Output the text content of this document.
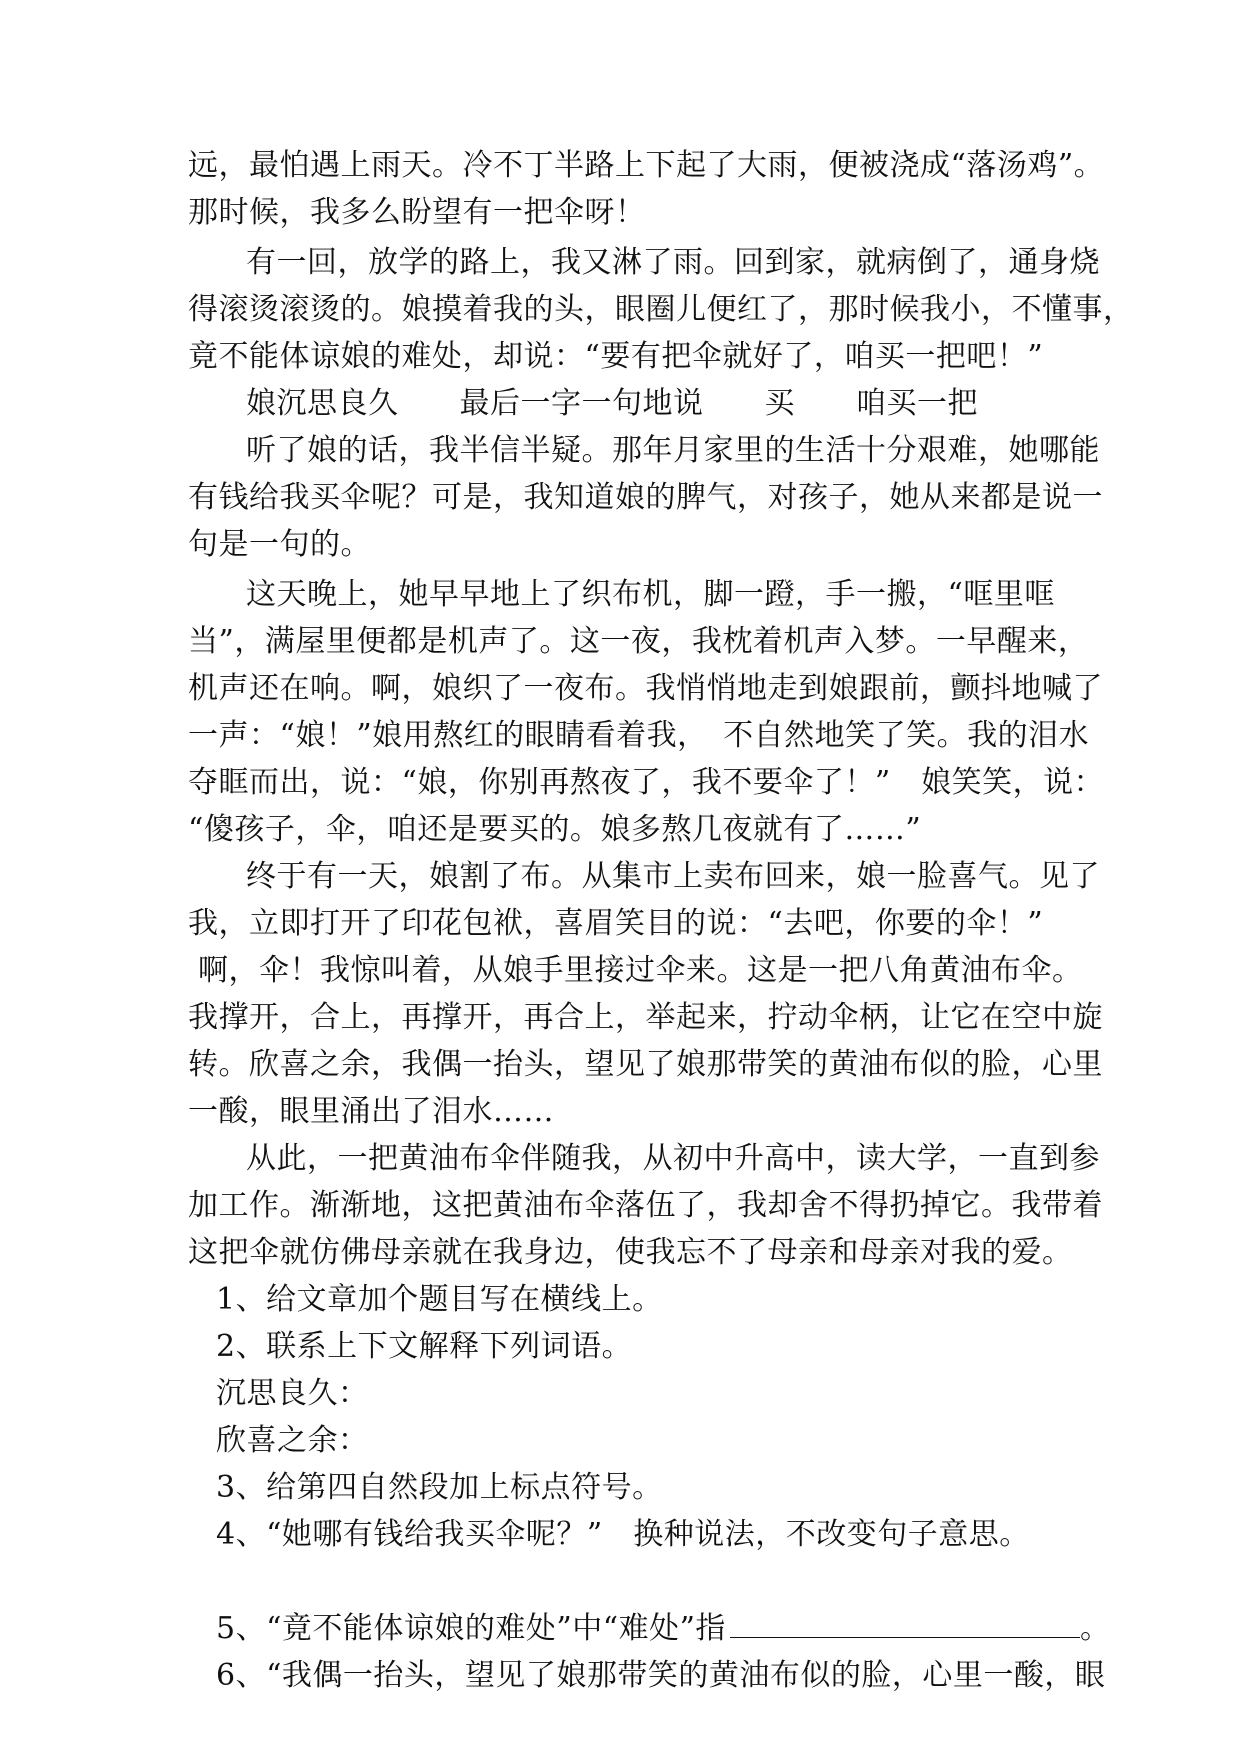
远，最怕遇上雨天。冷不丁半路上下起了大雨，便被浇成“落汤鸡”。
那时候，我多么盼望有一把伞呀！
有一回，放学的路上，我又淋了雨。回到家，就病倒了，通身烧
得滚烫滚烫的。娘摸着我的头，眼圈儿便红了，那时候我小，不懂事，
竟不能体谅娘的难处，却说：“要有把伞就好了，咱买一把吧！”
娘沉思良久　　最后一字一句地说　　买　　咱买一把
听了娘的话，我半信半疑。那年月家里的生活十分艰难，她哪能
有钱给我买伞呢？可是，我知道娘的脾气，对孩子，她从来都是说一
句是一句的。
这天晚上，她早早地上了织布机，脚一蹬，手一搬，“哐里哐
当”，满屋里便都是机声了。这一夜，我枕着机声入梦。一早醒来，
机声还在响。啊，娘织了一夜布。我悄悄地走到娘跟前，颤抖地喊了
一声：“娘！”娘用熬红的眼睛看着我，　不自然地笑了笑。我的泪水
夺眶而出，说：“娘，你别再熬夜了，我不要伞了！”　娘笑笑，说：
“傻孩子，伞，咱还是要买的。娘多熬几夜就有了……”
终于有一天，娘割了布。从集市上卖布回来，娘一脸喜气。见了
我，立即打开了印花包袱，喜眉笑目的说：“去吧，你要的伞！”
啊，伞！我惊叫着，从娘手里接过伞来。这是一把八角黄油布伞。
我撑开，合上，再撑开，再合上，举起来，拧动伞柄，让它在空中旋
转。欣喜之余，我偶一抬头，望见了娘那带笑的黄油布似的脸，心里
一酸，眼里涌出了泪水……
从此，一把黄油布伞伴随我，从初中升高中，读大学，一直到参
加工作。渐渐地，这把黄油布伞落伍了，我却舍不得扔掉它。我带着
这把伞就仿佛母亲就在我身边，使我忘不了母亲和母亲对我的爱。
1、给文章加个题目写在横线上。
2、联系上下文解释下列词语。
沉思良久：
欣喜之余：
3、给第四自然段加上标点符号。
4、“她哪有钱给我买伞呢？”　换种说法，不改变句子意思。
5、“竟不能体谅娘的难处”中“难处”指	。
6、“我偶一抬头，望见了娘那带笑的黄油布似的脸，心里一酸，眼
